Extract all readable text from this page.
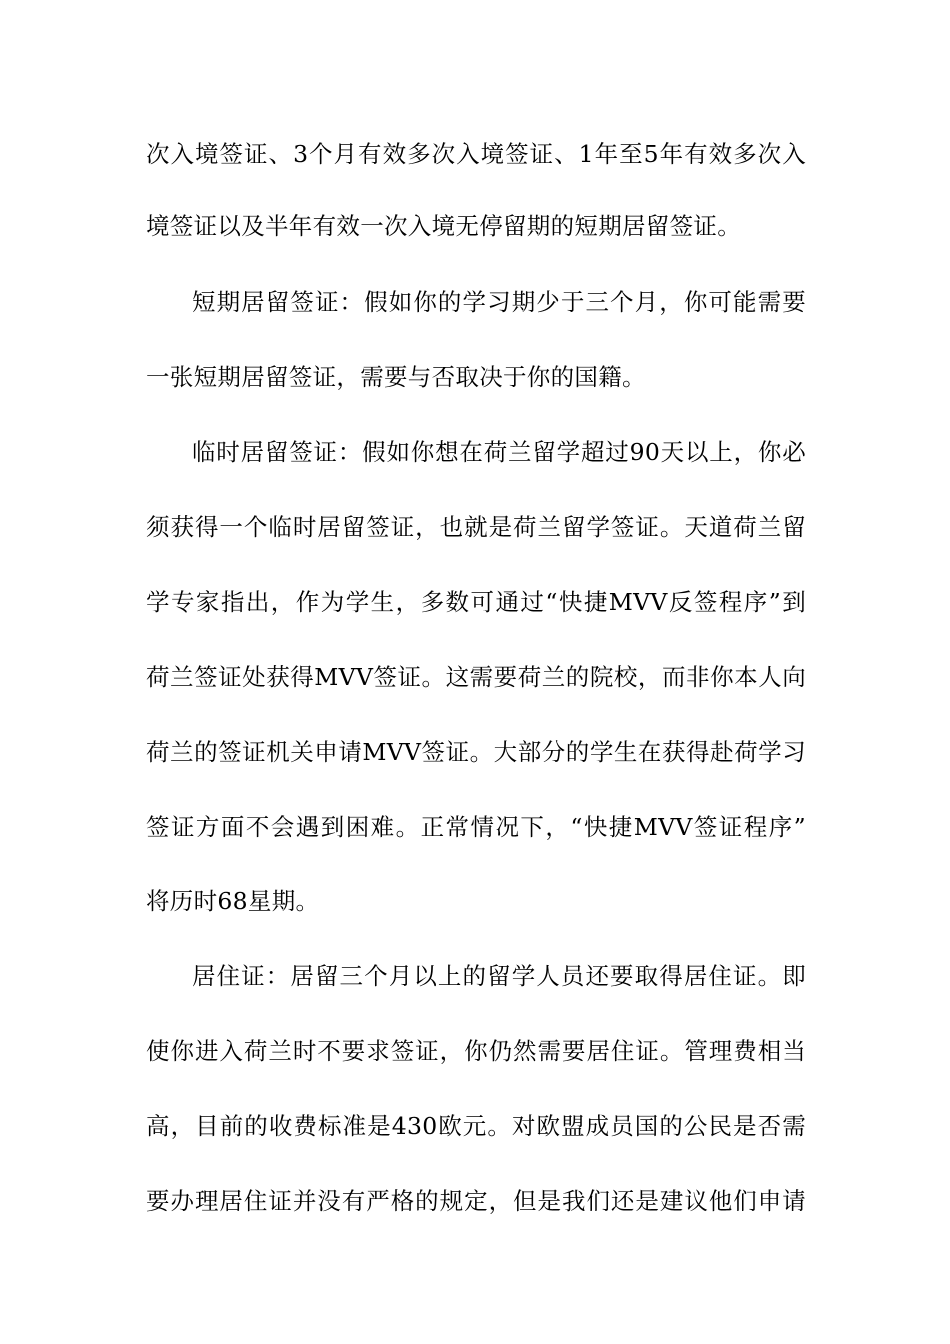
次入境签证、3个月有效多次入境签证、1年至5年有效多次入
境签证以及半年有效一次入境无停留期的短期居留签证。
短期居留签证：假如你的学习期少于三个月，你可能需要
一张短期居留签证，需要与否取决于你的国籍。
临时居留签证：假如你想在荷兰留学超过90天以上，你必
须获得一个临时居留签证，也就是荷兰留学签证。天道荷兰留
学专家指出，作为学生，多数可通过“快捷MVV反签程序”到
荷兰签证处获得MVV签证。这需要荷兰的院校，而非你本人向
荷兰的签证机关申请MVV签证。大部分的学生在获得赴荷学习
签证方面不会遇到困难。正常情况下，“快捷MVV签证程序”
将历时68星期。
居住证：居留三个月以上的留学人员还要取得居住证。即
使你进入荷兰时不要求签证，你仍然需要居住证。管理费相当
高，目前的收费标准是430欧元。对欧盟成员国的公民是否需
要办理居住证并没有严格的规定，但是我们还是建议他们申请
